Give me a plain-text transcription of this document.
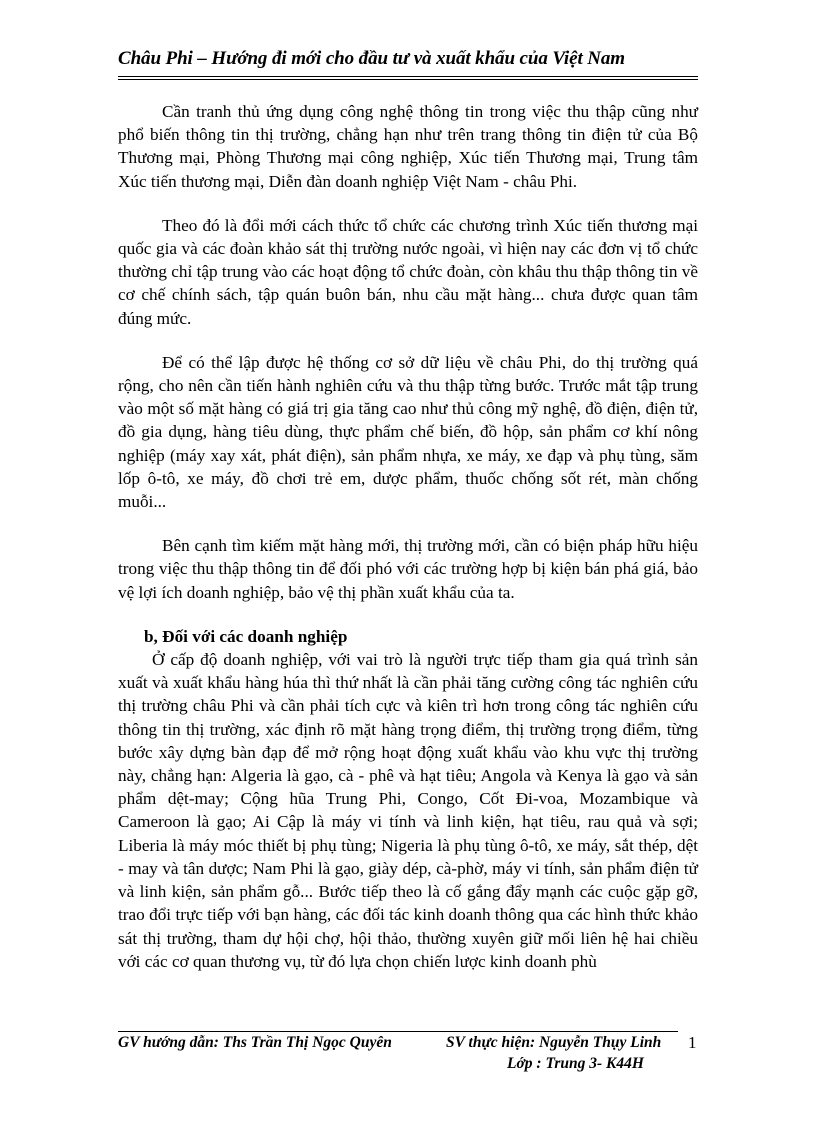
Châu Phi – Hướng đi mới cho đầu tư và xuất khẩu của Việt Nam

Cần tranh thủ ứng dụng công nghệ thông tin trong việc thu thập cũng như phổ biến thông tin thị trường, chẳng hạn như trên trang thông tin điện tử của Bộ Thương mại, Phòng Thương mại công nghiệp, Xúc tiến Thương mại, Trung tâm Xúc tiến thương mại, Diễn đàn doanh nghiệp Việt Nam - châu Phi.

Theo đó là đổi mới cách thức tổ chức các chương trình Xúc tiến thương mại quốc gia và các đoàn khảo sát thị trường nước ngoài, vì hiện nay các đơn vị tổ chức thường chỉ tập trung vào các hoạt động tổ chức đoàn, còn khâu thu thập thông tin về cơ chế chính sách, tập quán buôn bán, nhu cầu mặt hàng... chưa được quan tâm đúng mức.

Để có thể lập được hệ thống cơ sở dữ liệu về châu Phi, do thị trường quá rộng, cho nên cần tiến hành nghiên cứu và thu thập từng bước. Trước mắt tập trung vào một số mặt hàng có giá trị gia tăng cao như thủ công mỹ nghệ, đồ điện, điện tử, đồ gia dụng, hàng tiêu dùng, thực phẩm chế biến, đồ hộp, sản phẩm cơ khí nông nghiệp (máy xay xát, phát điện), sản phẩm nhựa, xe máy, xe đạp và phụ tùng, săm lốp ô-tô, xe máy, đồ chơi trẻ em, dược phẩm, thuốc chống sốt rét, màn chống muỗi...

Bên cạnh tìm kiếm mặt hàng mới, thị trường mới, cần có biện pháp hữu hiệu trong việc thu thập thông tin để đối phó với các trường hợp bị kiện bán phá giá, bảo vệ lợi ích doanh nghiệp, bảo vệ thị phần xuất khẩu của ta.

b, Đối với các doanh nghiệp

Ở cấp độ doanh nghiệp, với vai trò là người trực tiếp tham gia quá trình sản xuất và xuất khẩu hàng húa thì thứ nhất là cần phải tăng cường công tác nghiên cứu thị trường châu Phi và cần phải tích cực và kiên trì hơn trong công tác nghiên cứu thông tin thị trường, xác định rõ mặt hàng trọng điểm, thị trường trọng điểm, từng bước xây dựng bàn đạp để mở rộng hoạt động xuất khẩu vào khu vực thị trường này, chẳng hạn: Algeria là gạo, cà - phê và hạt tiêu; Angola và Kenya là gạo và sản phẩm dệt-may; Cộng hũa Trung Phi, Congo, Cốt Đi-voa, Mozambique và Cameroon là gạo; Ai Cập là máy vi tính và linh kiện, hạt tiêu, rau quả và sợi; Liberia là máy móc thiết bị phụ tùng; Nigeria là phụ tùng ô-tô, xe máy, sắt thép, dệt - may và tân dược; Nam Phi là gạo, giày dép, cà-phờ, máy vi tính, sản phẩm điện tử và linh kiện, sản phẩm gỗ... Bước tiếp theo là cố gắng đẩy mạnh các cuộc gặp gỡ, trao đổi trực tiếp với bạn hàng, các đối tác kinh doanh thông qua các hình thức khảo sát thị trường, tham dự hội chợ, hội thảo, thường xuyên giữ mối liên hệ hai chiều với các cơ quan thương vụ, từ đó lựa chọn chiến lược kinh doanh phù

GV hướng dẫn: Ths Trần Thị Ngọc Quyên	SV thực hiện: Nguyễn Thụy Linh
Lớp : Trung 3- K44H
1
